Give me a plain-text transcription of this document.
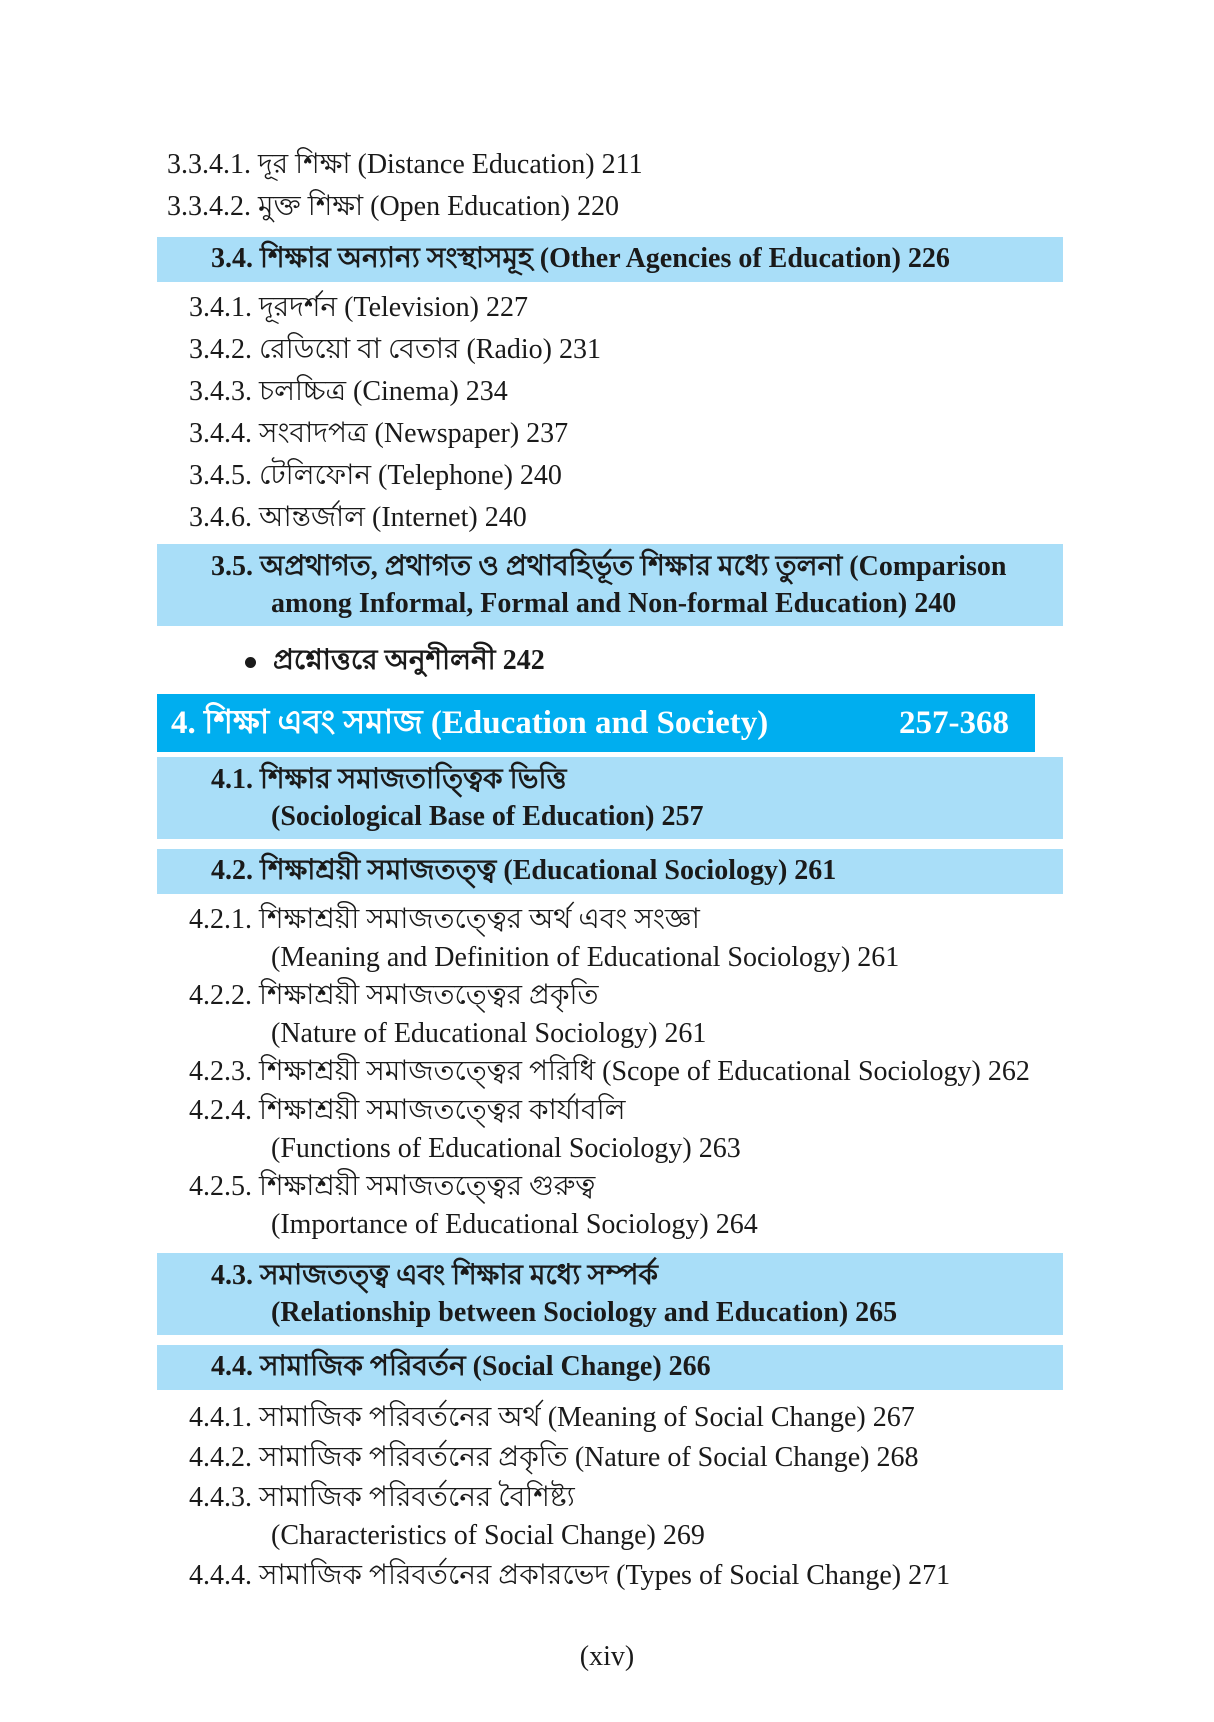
3.3.4.1. দূর শিক্ষা (Distance Education) 211
3.3.4.2. মুক্ত শিক্ষা (Open Education) 220
3.4. শিক্ষার অন্যান্য সংস্থাসমূহ (Other Agencies of Education) 226
3.4.1. দূরদর্শন (Television) 227
3.4.2. রেডিয়ো বা বেতার (Radio) 231
3.4.3. চলচ্চিত্র (Cinema) 234
3.4.4. সংবাদপত্র (Newspaper) 237
3.4.5. টেলিফোন (Telephone) 240
3.4.6. আন্তর্জাল (Internet) 240
3.5. অপ্রথাগত, প্রথাগত ও প্রথাবহির্ভূত শিক্ষার মধ্যে তুলনা (Comparison
among Informal, Formal and Non-formal Education) 240
প্রশ্নোত্তরে অনুশীলনী 242
4. শিক্ষা এবং সমাজ (Education and Society)	257-368
4.1. শিক্ষার সমাজতাত্ত্বিক ভিত্তি
(Sociological Base of Education) 257
4.2. শিক্ষাশ্রয়ী সমাজতত্ত্ব (Educational Sociology) 261
4.2.1. শিক্ষাশ্রয়ী সমাজতত্ত্বের অর্থ এবং সংজ্ঞা
(Meaning and Definition of Educational Sociology) 261
4.2.2. শিক্ষাশ্রয়ী সমাজতত্ত্বের প্রকৃতি
(Nature of Educational Sociology) 261
4.2.3. শিক্ষাশ্রয়ী সমাজতত্ত্বের পরিধি (Scope of Educational Sociology) 262
4.2.4. শিক্ষাশ্রয়ী সমাজতত্ত্বের কার্যাবলি
(Functions of Educational Sociology) 263
4.2.5. শিক্ষাশ্রয়ী সমাজতত্ত্বের গুরুত্ব
(Importance of Educational Sociology) 264
4.3. সমাজতত্ত্ব এবং শিক্ষার মধ্যে সম্পর্ক
(Relationship between Sociology and Education) 265
4.4. সামাজিক পরিবর্তন (Social Change) 266
4.4.1. সামাজিক পরিবর্তনের অর্থ (Meaning of Social Change) 267
4.4.2. সামাজিক পরিবর্তনের প্রকৃতি (Nature of Social Change) 268
4.4.3. সামাজিক পরিবর্তনের বৈশিষ্ট্য
(Characteristics of Social Change) 269
4.4.4. সামাজিক পরিবর্তনের প্রকারভেদ (Types of Social Change) 271
(xiv)
